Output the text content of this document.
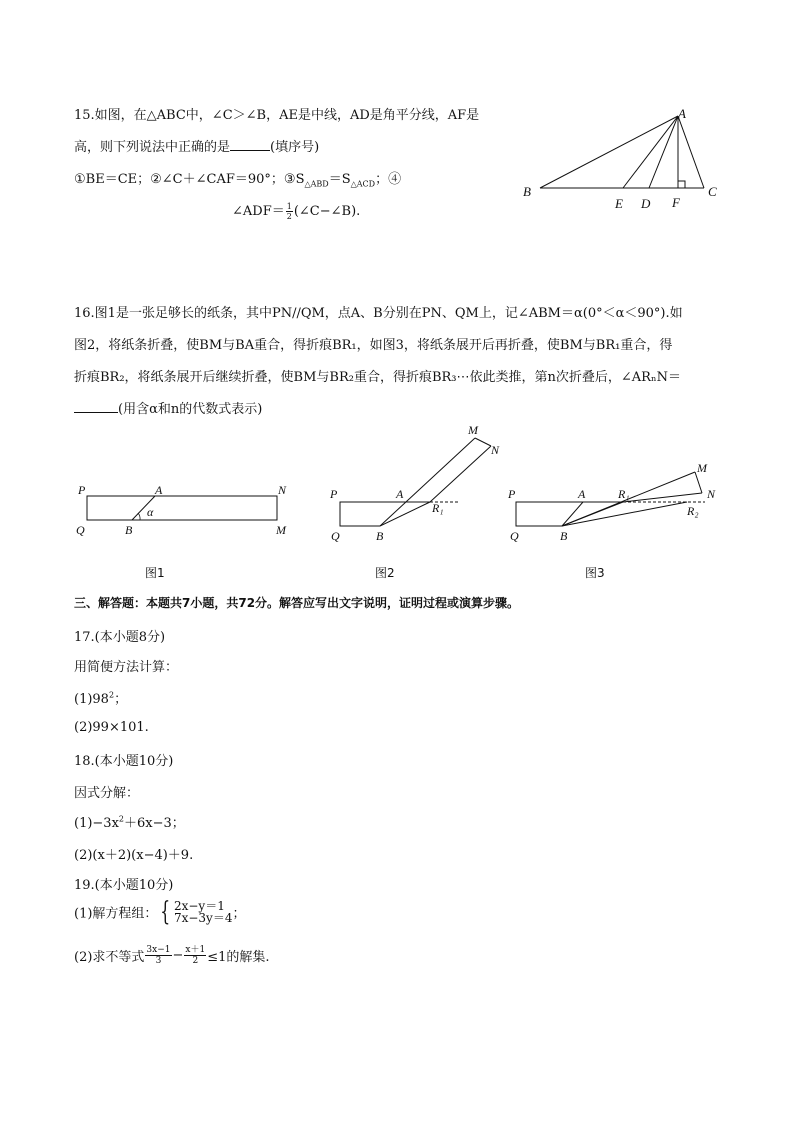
15.如图，在△ABC中，∠C＞∠B，AE是中线，AD是角平分线，AF是
高，则下列说法中正确的是	(填序号)
①BE＝CE；②∠C＋∠CAF＝90°；$③S_{\triangle ABD}=S_{\triangle ACD}$；④
∠ADF＝ $\frac{1}{2}$ (∠C−∠B).
A
B
E D F
C
16.图1是一张足够长的纸条，其中PN//QM，点A、B分别在PN、QM上，记∠ABM＝α(0°＜α＜90°).如
图2，将纸条折叠，使BM与BA重合，得折痕BR₁，如图3，将纸条展开后再折叠，使BM与BR₁重合，得
折痕BR₂，将纸条展开后继续折叠，使BM与BR₂重合，得折痕BR₃⋯依此类推，第n次折叠后，∠ARₙN＝
(用含α和n的代数式表示)
P	A	N
Q	B	M
α
图1
M
N
P	A
R₁
Q	B
图2
M
P	A	R₁	N
R₂
Q	B
图3
三、解答题：本题共7小题，共72分。解答应写出文字说明，证明过程或演算步骤。
17.(本小题8分)
用简便方法计算：
$(1)98^2$；
(2)99×101.
18.(本小题10分)
因式分解：
$(1)-3x^2+6x-3$；
(2)(x＋2)(x−4)＋9.
19.(本小题10分)
(1)解方程组： { 2x−y＝1
7x−3y＝4 ；
(2)求不等式 $\frac{3x-1}{3} - \frac{x+1}{2} \le 1$的解集.
